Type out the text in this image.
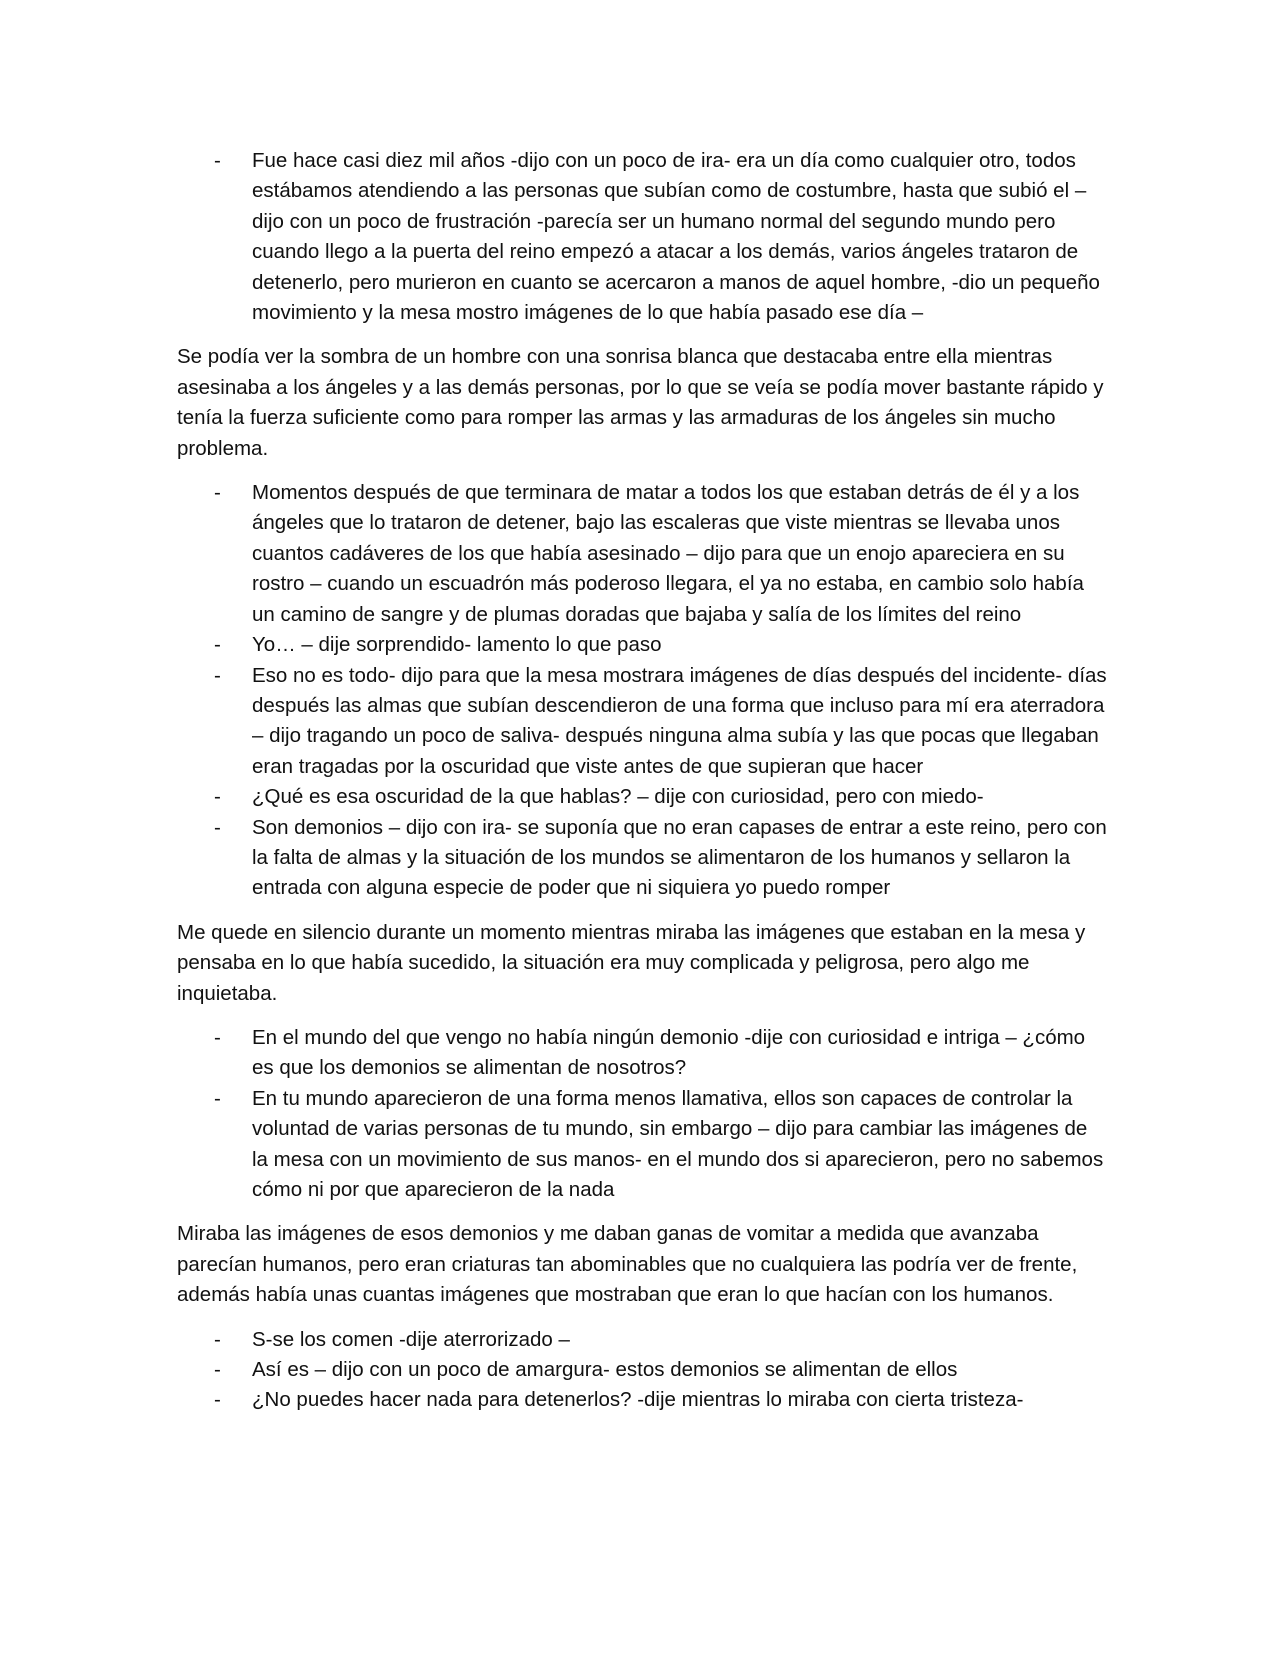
- Fue hace casi diez mil años -dijo con un poco de ira- era un día como cualquier otro, todos estábamos atendiendo a las personas que subían como de costumbre, hasta que subió el –dijo con un poco de frustración -parecía ser un humano normal del segundo mundo pero cuando llego a la puerta del reino empezó a atacar a los demás, varios ángeles trataron de detenerlo, pero murieron en cuanto se acercaron a manos de aquel hombre, -dio un pequeño movimiento y la mesa mostro imágenes de lo que había pasado ese día –

Se podía ver la sombra de un hombre con una sonrisa blanca que destacaba entre ella mientras asesinaba a los ángeles y a las demás personas, por lo que se veía se podía mover bastante rápido y tenía la fuerza suficiente como para romper las armas y las armaduras de los ángeles sin mucho problema.

- Momentos después de que terminara de matar a todos los que estaban detrás de él y a los ángeles que lo trataron de detener, bajo las escaleras que viste mientras se llevaba unos cuantos cadáveres de los que había asesinado – dijo para que un enojo apareciera en su rostro – cuando un escuadrón más poderoso llegara, el ya no estaba, en cambio solo había un camino de sangre y de plumas doradas que bajaba y salía de los límites del reino
- Yo… – dije sorprendido- lamento lo que paso
- Eso no es todo- dijo para que la mesa mostrara imágenes de días después del incidente- días después las almas que subían descendieron de una forma que incluso para mí era aterradora – dijo tragando un poco de saliva- después ninguna alma subía y las que pocas que llegaban eran tragadas por la oscuridad que viste antes de que supieran que hacer
- ¿Qué es esa oscuridad de la que hablas? – dije con curiosidad, pero con miedo-
- Son demonios – dijo con ira- se suponía que no eran capases de entrar a este reino, pero con la falta de almas y la situación de los mundos se alimentaron de los humanos y sellaron la entrada con alguna especie de poder que ni siquiera yo puedo romper

Me quede en silencio durante un momento mientras miraba las imágenes que estaban en la mesa y pensaba en lo que había sucedido, la situación era muy complicada y peligrosa, pero algo me inquietaba.

- En el mundo del que vengo no había ningún demonio -dije con curiosidad e intriga – ¿cómo es que los demonios se alimentan de nosotros?
- En tu mundo aparecieron de una forma menos llamativa, ellos son capaces de controlar la voluntad de varias personas de tu mundo, sin embargo – dijo para cambiar las imágenes de la mesa con un movimiento de sus manos- en el mundo dos si aparecieron, pero no sabemos cómo ni por que aparecieron de la nada

Miraba las imágenes de esos demonios y me daban ganas de vomitar a medida que avanzaba parecían humanos, pero eran criaturas tan abominables que no cualquiera las podría ver de frente, además había unas cuantas imágenes que mostraban que eran lo que hacían con los humanos.

- S-se los comen -dije aterrorizado –
- Así es – dijo con un poco de amargura- estos demonios se alimentan de ellos
- ¿No puedes hacer nada para detenerlos? -dije mientras lo miraba con cierta tristeza-
